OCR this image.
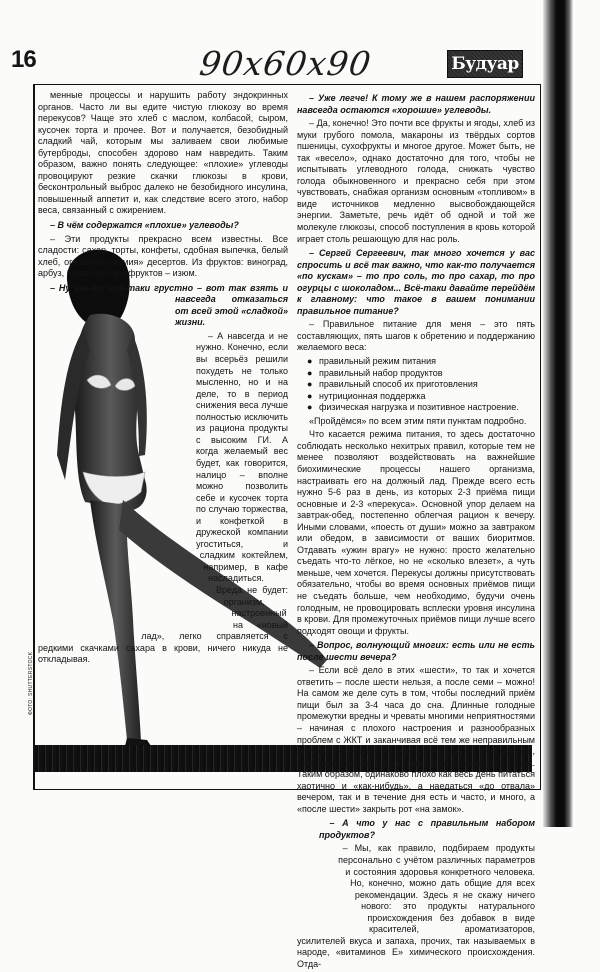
16	90x60x90	Будуар
ФОТО: SHUTTERSTOCK

менные процессы и нарушить работу эндокринных органов. Часто ли вы едите чистую глюкозу во время перекусов? Чаще это хлеб с маслом, колбасой, сыром, кусочек торта и прочее. Вот и получается, безобидный сладкий чай, которым мы заливаем свои любимые бутерброды, способен здорово нам навредить. Таким образом, важно понять следующее: «плохие» углеводы провоцируют резкие скачки глюкозы в крови, бесконтрольный выброс далеко не безобидного инсулина, повышенный аппетит и, как следствие всего этого, набор веса, связанный с ожирением.

– В чём содержатся «плохие» углеводы?

– Эти продукты прекрасно всем известны. Все сладости: сахар, торты, конфеты, сдобная выпечка, белый хлеб, огромная «армия» десертов. Из фруктов: виноград, арбуз, банан. Из сухофруктов – изюм.

– Ну как-то всё-таки грустно – вот так взять и навсегда отказаться от всей этой «сладкой» жизни.

– А навсегда и не нужно. Конечно, если вы всерьёз решили похудеть не только мысленно, но и на деле, то в период снижения веса лучше полностью исключить из рациона продукты с высоким ГИ. А когда желаемый вес будет, как говорится, налицо – вполне можно позволить себе и кусочек торта по случаю торжества, и конфеткой в дружеской компании угоститься, и сладким коктейлем, например, в кафе насладиться. Вреда не будет: организм, настроенный на «новый лад», легко справляется с редкими скачками сахара в крови, ничего никуда не откладывая.

– Уже легче! К тому же в нашем распоряжении навсегда остаются «хорошие» углеводы.

– Да, конечно! Это почти все фрукты и ягоды, хлеб из муки грубого помола, макароны из твёрдых сортов пшеницы, сухофрукты и многое другое. Может быть, не так «весело», однако достаточно для того, чтобы не испытывать углеводного голода, снижать чувство голода обыкновенного и прекрасно себя при этом чувствовать, снабжая организм основным «топливом» в виде источников медленно высвобождающейся энергии. Заметьте, речь идёт об одной и той же молекуле глюкозы, способ поступления в кровь которой играет столь решающую для нас роль.

– Сергей Сергеевич, так много хочется у вас спросить и всё так важно, что как-то получается «по кускам» – то про соль, то про сахар, то про огурцы с шоколадом... Всё-таки давайте перейдём к главному: что такое в вашем понимании правильное питание?

– Правильное питание для меня – это пять составляющих, пять шагов к обретению и поддержанию желаемого веса:

● правильный режим питания
● правильный набор продуктов
● правильный способ их приготовления
● нутриционная поддержка
● физическая нагрузка и позитивное настроение.

«Пройдёмся» по всем этим пяти пунктам подробно.

Что касается режима питания, то здесь достаточно соблюдать несколько нехитрых правил, которые тем не менее позволяют воздействовать на важнейшие биохимические процессы нашего организма, настраивать его на должный лад. Прежде всего есть нужно 5-6 раз в день, из которых 2-3 приёма пищи основные и 2-3 «перекуса». Основной упор делаем на завтрак-обед, постепенно облегчая рацион к вечеру. Иными словами, «поесть от души» можно за завтраком или обедом, в зависимости от ваших биоритмов. Отдавать «ужин врагу» не нужно: просто желательно съедать что-то лёгкое, но не «сколько влезет», а чуть меньше, чем хочется. Перекусы должны присутствовать обязательно, чтобы во время основных приёмов пищи не съедать больше, чем необходимо, будучи очень голодным, не провоцировать всплески уровня инсулина в крови. Для промежуточных приёмов пищи лучше всего подходят овощи и фрукты.

– Вопрос, волнующий многих: есть или не есть после шести вечера?

– Если всё дело в этих «шести», то так и хочется ответить – после шести нельзя, а после семи – можно! На самом же деле суть в том, чтобы последний приём пищи был за 3-4 часа до сна. Длинные голодные промежутки вредны и чреваты многими неприятностями – начиная с плохого настроения и разнообразных проблем с ЖКТ и заканчивая всё тем же неправильным ритмом выделения инсулина. Но, как мы уже сказали, чем ближе время ужина, тем легче должна быть пища. Таким образом, одинаково плохо как весь день питаться хаотично и «как-нибудь», а наедаться «до отвала» вечером, так и в течение дня есть и часто, и много, а «после шести» закрыть рот «на замок».

– А что у нас с правильным набором продуктов?

– Мы, как правило, подбираем продукты персонально с учётом различных параметров и состояния здоровья конкретного человека. Но, конечно, можно дать общие для всех рекомендации. Здесь я не скажу ничего нового: это продукты натурального происхождения без добавок в виде красителей, ароматизаторов, усилителей вкуса и запаха, прочих, так называемых в народе, «витаминов Е» химического происхождения. Отда-
